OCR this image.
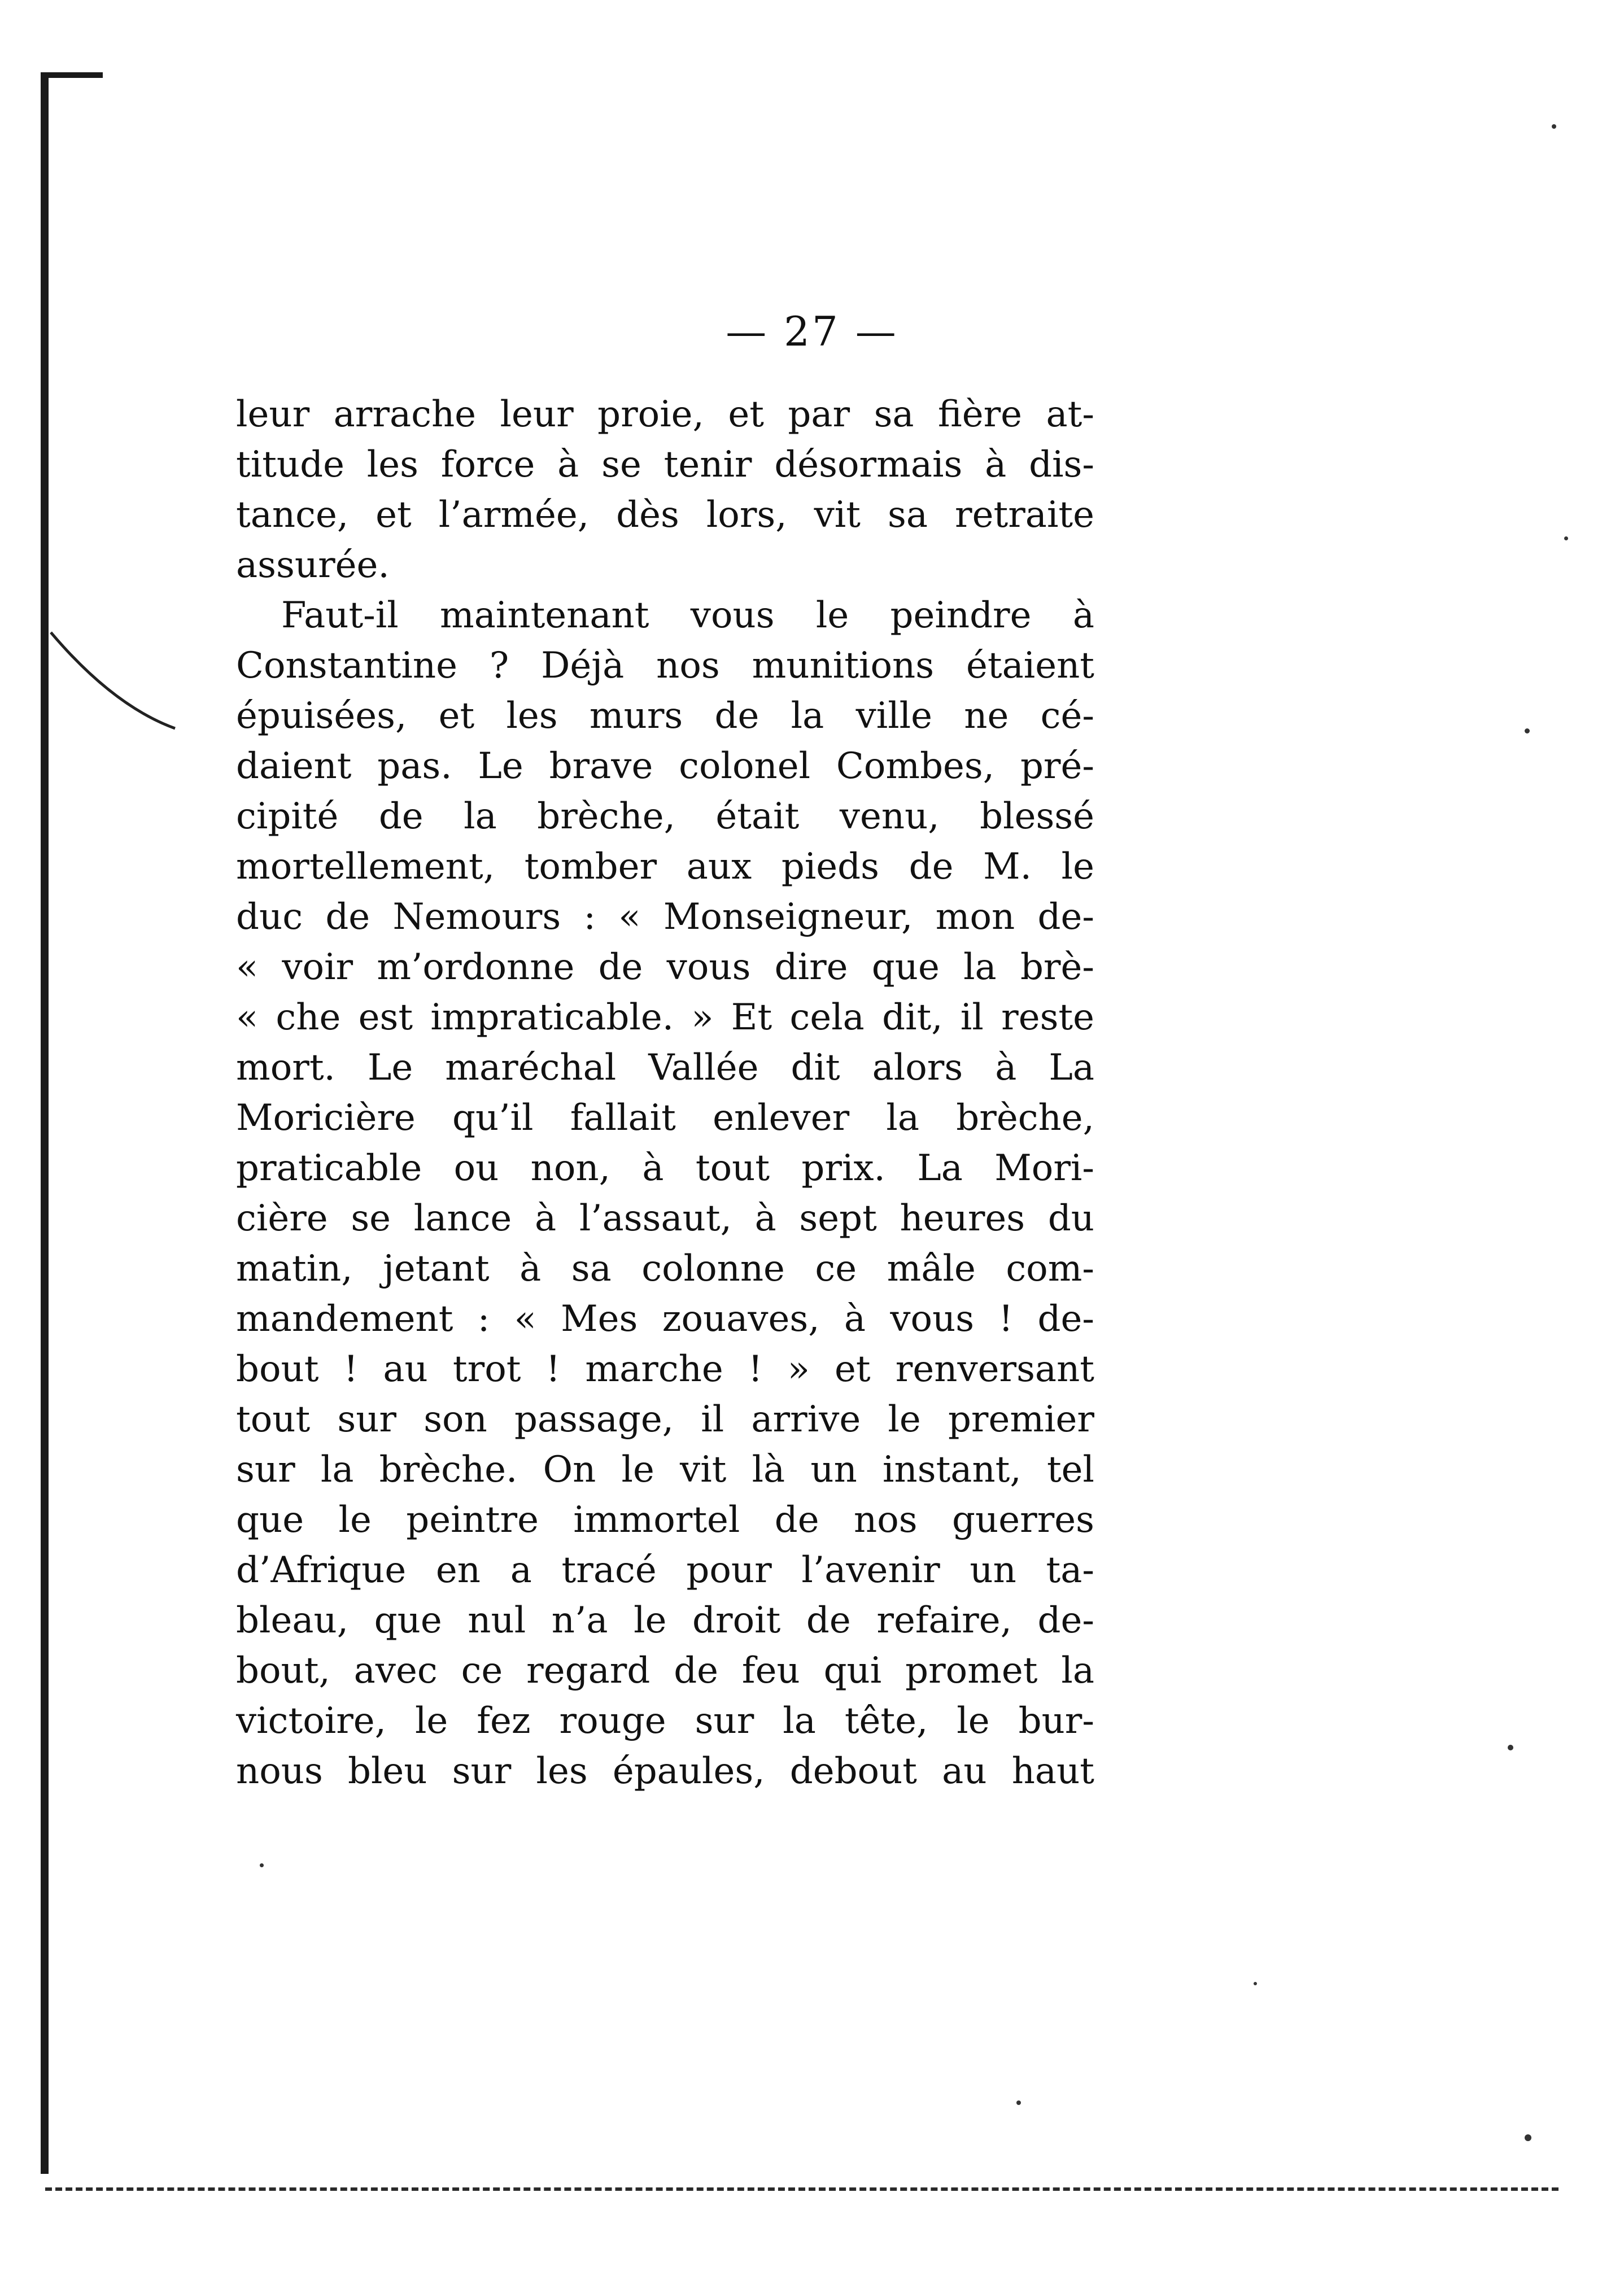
— 27 —
leur arrache leur proie, et par sa fière at-
titude les force à se tenir désormais à dis-
tance, et l’armée, dès lors, vit sa retraite
assurée.
Faut-il maintenant vous le peindre à
Constantine ? Déjà nos munitions étaient
épuisées, et les murs de la ville ne cé-
daient pas. Le brave colonel Combes, pré-
cipité de la brèche, était venu, blessé
mortellement, tomber aux pieds de M. le
duc de Nemours : « Monseigneur, mon de-
« voir m’ordonne de vous dire que la brè-
« che est impraticable. » Et cela dit, il reste
mort. Le maréchal Vallée dit alors à La
Moricière qu’il fallait enlever la brèche,
praticable ou non, à tout prix. La Mori-
cière se lance à l’assaut, à sept heures du
matin, jetant à sa colonne ce mâle com-
mandement : « Mes zouaves, à vous ! de-
bout ! au trot ! marche ! » et renversant
tout sur son passage, il arrive le premier
sur la brèche. On le vit là un instant, tel
que le peintre immortel de nos guerres
d’Afrique en a tracé pour l’avenir un ta-
bleau, que nul n’a le droit de refaire, de-
bout, avec ce regard de feu qui promet la
victoire, le fez rouge sur la tête, le bur-
nous bleu sur les épaules, debout au haut
